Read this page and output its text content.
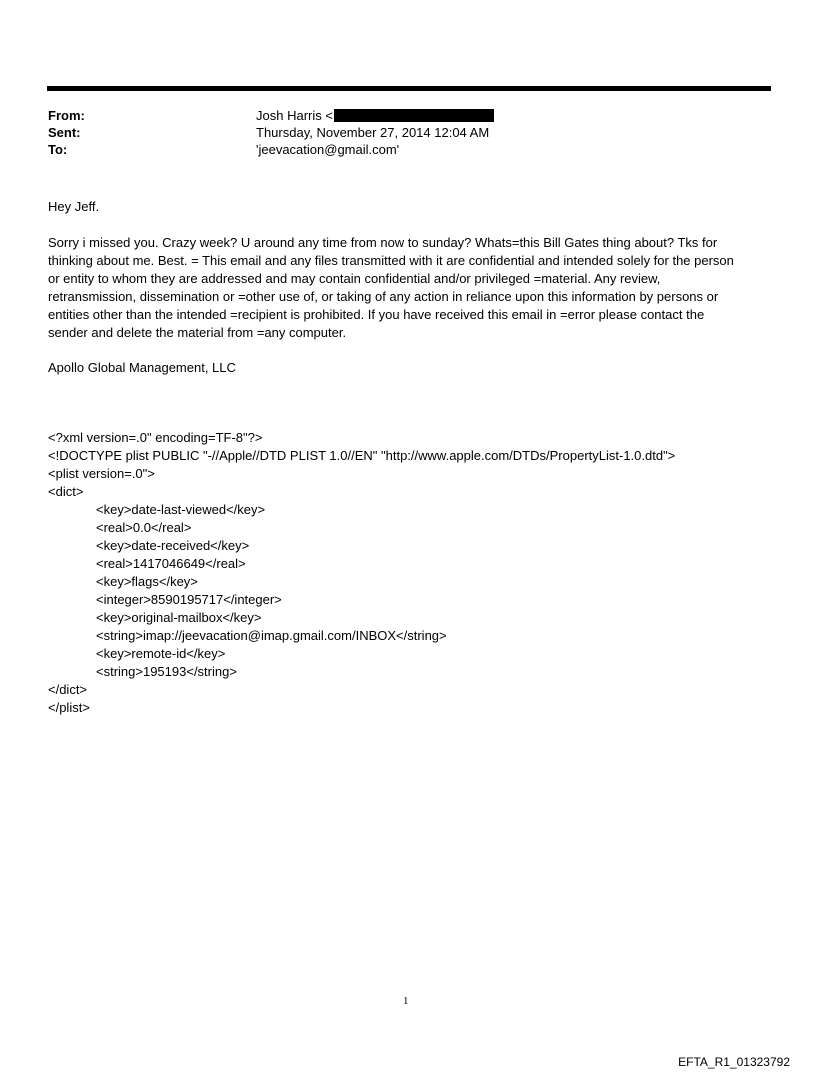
From:	Josh Harris <
Sent:	Thursday, November 27, 2014 12:04 AM
To:	'jeevacation@gmail.com'

Hey Jeff.

Sorry i missed you. Crazy week? U around any time from now to sunday? Whats=this Bill Gates thing about? Tks for
thinking about me. Best. = This email and any files transmitted with it are confidential and intended solely for the person
or entity to whom they are addressed and may contain confidential and/or privileged =material. Any review,
retransmission, dissemination or =other use of, or taking of any action in reliance upon this information by persons or
entities other than the intended =recipient is prohibited. If you have received this email in =error please contact the
sender and delete the material from =any computer.

Apollo Global Management, LLC
<?xml version=.0" encoding=TF-8"?>
<!DOCTYPE plist PUBLIC "-//Apple//DTD PLIST 1.0//EN" "http://www.apple.com/DTDs/PropertyList-1.0.dtd">
<plist version=.0">
<dict>
<key>date-last-viewed</key>
<real>0.0</real>
<key>date-received</key>
<real>1417046649</real>
<key>flags</key>
<integer>8590195717</integer>
<key>original-mailbox</key>
<string>imap://jeevacation@imap.gmail.com/INBOX</string>
<key>remote-id</key>
<string>195193</string>
</dict>
</plist>
1
EFTA_R1_01323792
